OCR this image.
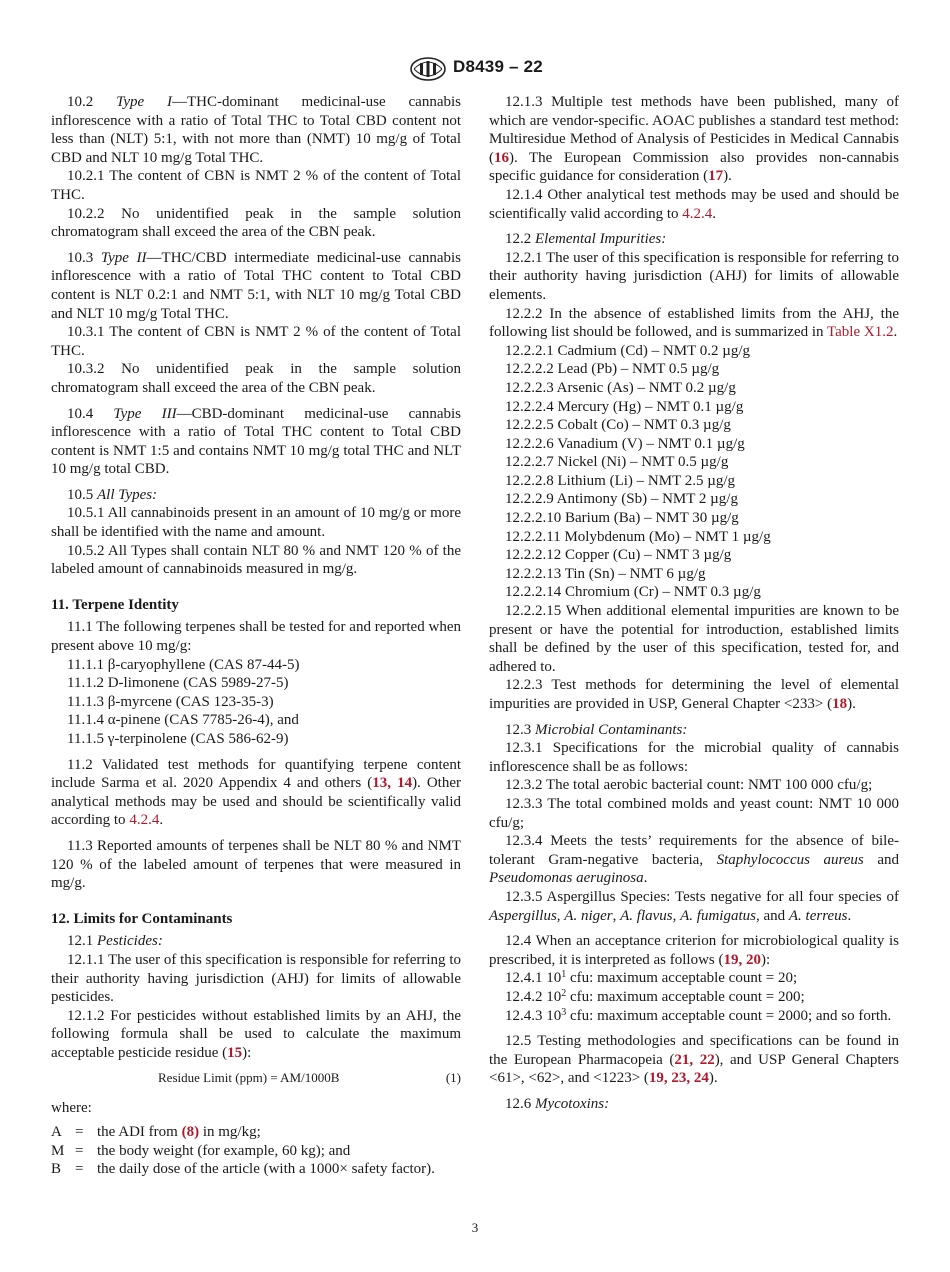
D8439 – 22

10.2 Type I—THC-dominant medicinal-use cannabis inflorescence with a ratio of Total THC to Total CBD content not less than (NLT) 5:1, with not more than (NMT) 10 mg/g of Total CBD and NLT 10 mg/g Total THC.

10.2.1 The content of CBN is NMT 2 % of the content of Total THC.

10.2.2 No unidentified peak in the sample solution chromatogram shall exceed the area of the CBN peak.

10.3 Type II—THC/CBD intermediate medicinal-use cannabis inflorescence with a ratio of Total THC content to Total CBD content is NLT 0.2:1 and NMT 5:1, with NLT 10 mg/g Total CBD and NLT 10 mg/g Total THC.

10.3.1 The content of CBN is NMT 2 % of the content of Total THC.

10.3.2 No unidentified peak in the sample solution chromatogram shall exceed the area of the CBN peak.

10.4 Type III—CBD-dominant medicinal-use cannabis inflorescence with a ratio of Total THC content to Total CBD content is NMT 1:5 and contains NMT 10 mg/g total THC and NLT 10 mg/g total CBD.

10.5 All Types:

10.5.1 All cannabinoids present in an amount of 10 mg/g or more shall be identified with the name and amount.

10.5.2 All Types shall contain NLT 80 % and NMT 120 % of the labeled amount of cannabinoids measured in mg/g.

11. Terpene Identity

11.1 The following terpenes shall be tested for and reported when present above 10 mg/g:

11.1.1 β-caryophyllene (CAS 87-44-5)

11.1.2 D-limonene (CAS 5989-27-5)

11.1.3 β-myrcene (CAS 123-35-3)

11.1.4 α-pinene (CAS 7785-26-4), and

11.1.5 γ-terpinolene (CAS 586-62-9)

11.2 Validated test methods for quantifying terpene content include Sarma et al. 2020 Appendix 4 and others (13, 14). Other analytical methods may be used and should be scientifically valid according to 4.2.4.

11.3 Reported amounts of terpenes shall be NLT 80 % and NMT 120 % of the labeled amount of terpenes that were measured in mg/g.

12. Limits for Contaminants

12.1 Pesticides:

12.1.1 The user of this specification is responsible for referring to their authority having jurisdiction (AHJ) for limits of allowable pesticides.

12.1.2 For pesticides without established limits by an AHJ, the following formula shall be used to calculate the maximum acceptable pesticide residue (15):

Residue Limit (ppm) = AM/1000B	(1)

where:

A = the ADI from (8) in mg/kg;
M = the body weight (for example, 60 kg); and
B = the daily dose of the article (with a 1000× safety factor).

12.1.3 Multiple test methods have been published, many of which are vendor-specific. AOAC publishes a standard test method: Multiresidue Method of Analysis of Pesticides in Medical Cannabis (16). The European Commission also provides non-cannabis specific guidance for consideration (17).

12.1.4 Other analytical test methods may be used and should be scientifically valid according to 4.2.4.

12.2 Elemental Impurities:

12.2.1 The user of this specification is responsible for referring to their authority having jurisdiction (AHJ) for limits of allowable elements.

12.2.2 In the absence of established limits from the AHJ, the following list should be followed, and is summarized in Table X1.2.

12.2.2.1 Cadmium (Cd) – NMT 0.2 µg/g

12.2.2.2 Lead (Pb) – NMT 0.5 µg/g

12.2.2.3 Arsenic (As) – NMT 0.2 µg/g

12.2.2.4 Mercury (Hg) – NMT 0.1 µg/g

12.2.2.5 Cobalt (Co) – NMT 0.3 µg/g

12.2.2.6 Vanadium (V) – NMT 0.1 µg/g

12.2.2.7 Nickel (Ni) – NMT 0.5 µg/g

12.2.2.8 Lithium (Li) – NMT 2.5 µg/g

12.2.2.9 Antimony (Sb) – NMT 2 µg/g

12.2.2.10 Barium (Ba) – NMT 30 µg/g

12.2.2.11 Molybdenum (Mo) – NMT 1 µg/g

12.2.2.12 Copper (Cu) – NMT 3 µg/g

12.2.2.13 Tin (Sn) – NMT 6 µg/g

12.2.2.14 Chromium (Cr) – NMT 0.3 µg/g

12.2.2.15 When additional elemental impurities are known to be present or have the potential for introduction, established limits shall be defined by the user of this specification, tested for, and adhered to.

12.2.3 Test methods for determining the level of elemental impurities are provided in USP, General Chapter <233> (18).

12.3 Microbial Contaminants:

12.3.1 Specifications for the microbial quality of cannabis inflorescence shall be as follows:

12.3.2 The total aerobic bacterial count: NMT 100 000 cfu/g;

12.3.3 The total combined molds and yeast count: NMT 10 000 cfu/g;

12.3.4 Meets the tests’ requirements for the absence of bile-tolerant Gram-negative bacteria, Staphylococcus aureus and Pseudomonas aeruginosa.

12.3.5 Aspergillus Species: Tests negative for all four species of Aspergillus, A. niger, A. flavus, A. fumigatus, and A. terreus.

12.4 When an acceptance criterion for microbiological quality is prescribed, it is interpreted as follows (19, 20):

12.4.1 $10^1$ cfu: maximum acceptable count = 20;

12.4.2 $10^2$ cfu: maximum acceptable count = 200;

12.4.3 $10^3$ cfu: maximum acceptable count = 2000; and so forth.

12.5 Testing methodologies and specifications can be found in the European Pharmacopeia (21, 22), and USP General Chapters <61>, <62>, and <1223> (19, 23, 24).

12.6 Mycotoxins:

3
